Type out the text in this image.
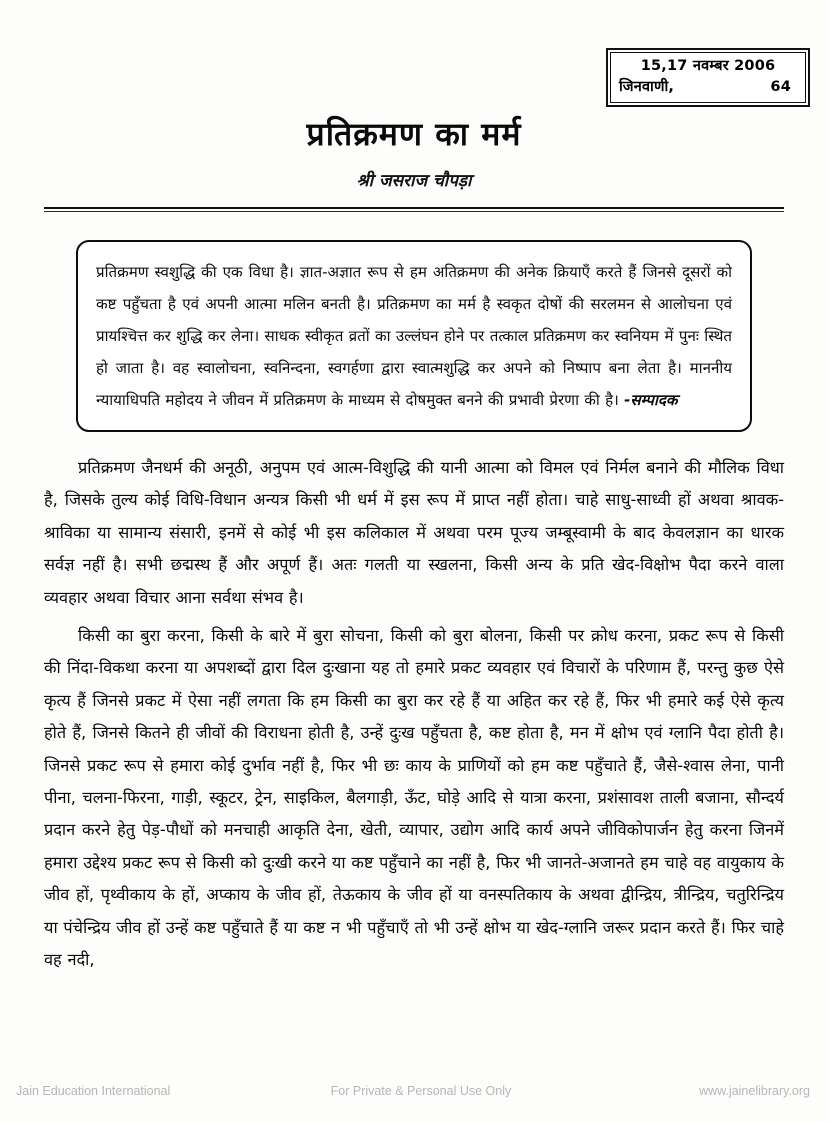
15,17 नवम्बर 2006
जिनवाणी,	64
प्रतिक्रमण का मर्म
श्री जसराज चौपड़ा
प्रतिक्रमण स्वशुद्धि की एक विधा है। ज्ञात-अज्ञात रूप से हम अतिक्रमण की अनेक क्रियाएँ करते हैं जिनसे दूसरों को कष्ट पहुँचता है एवं अपनी आत्मा मलिन बनती है। प्रतिक्रमण का मर्म है स्वकृत दोषों की सरलमन से आलोचना एवं प्रायश्चित्त कर शुद्धि कर लेना। साधक स्वीकृत व्रतों का उल्लंघन होने पर तत्काल प्रतिक्रमण कर स्वनियम में पुनः स्थित हो जाता है। वह स्वालोचना, स्वनिन्दना, स्वगर्हणा द्वारा स्वात्मशुद्धि कर अपने को निष्पाप बना लेता है। माननीय न्यायाधिपति महोदय ने जीवन में प्रतिक्रमण के माध्यम से दोषमुक्त बनने की प्रभावी प्रेरणा की है। -सम्पादक

प्रतिक्रमण जैनधर्म की अनूठी, अनुपम एवं आत्म-विशुद्धि की यानी आत्मा को विमल एवं निर्मल बनाने की मौलिक विधा है, जिसके तुल्य कोई विधि-विधान अन्यत्र किसी भी धर्म में इस रूप में प्राप्त नहीं होता। चाहे साधु-साध्वी हों अथवा श्रावक-श्राविका या सामान्य संसारी, इनमें से कोई भी इस कलिकाल में अथवा परम पूज्य जम्बूस्वामी के बाद केवलज्ञान का धारक सर्वज्ञ नहीं है। सभी छद्मस्थ हैं और अपूर्ण हैं। अतः गलती या स्खलना, किसी अन्य के प्रति खेद-विक्षोभ पैदा करने वाला व्यवहार अथवा विचार आना सर्वथा संभव है।

किसी का बुरा करना, किसी के बारे में बुरा सोचना, किसी को बुरा बोलना, किसी पर क्रोध करना, प्रकट रूप से किसी की निंदा-विकथा करना या अपशब्दों द्वारा दिल दुःखाना यह तो हमारे प्रकट व्यवहार एवं विचारों के परिणाम हैं, परन्तु कुछ ऐसे कृत्य हैं जिनसे प्रकट में ऐसा नहीं लगता कि हम किसी का बुरा कर रहे हैं या अहित कर रहे हैं, फिर भी हमारे कई ऐसे कृत्य होते हैं, जिनसे कितने ही जीवों की विराधना होती है, उन्हें दुःख पहुँचता है, कष्ट होता है, मन में क्षोभ एवं ग्लानि पैदा होती है। जिनसे प्रकट रूप से हमारा कोई दुर्भाव नहीं है, फिर भी छः काय के प्राणियों को हम कष्ट पहुँचाते हैं, जैसे-श्वास लेना, पानी पीना, चलना-फिरना, गाड़ी, स्कूटर, ट्रेन, साइकिल, बैलगाड़ी, ऊँट, घोड़े आदि से यात्रा करना, प्रशंसावश ताली बजाना, सौन्दर्य प्रदान करने हेतु पेड़-पौधों को मनचाही आकृति देना, खेती, व्यापार, उद्योग आदि कार्य अपने जीविकोपार्जन हेतु करना जिनमें हमारा उद्देश्य प्रकट रूप से किसी को दुःखी करने या कष्ट पहुँचाने का नहीं है, फिर भी जानते-अजानते हम चाहे वह वायुकाय के जीव हों, पृथ्वीकाय के हों, अप्काय के जीव हों, तेऊकाय के जीव हों या वनस्पतिकाय के अथवा द्वीन्द्रिय, त्रीन्द्रिय, चतुरिन्द्रिय या पंचेन्द्रिय जीव हों उन्हें कष्ट पहुँचाते हैं या कष्ट न भी पहुँचाएँ तो भी उन्हें क्षोभ या खेद-ग्लानि जरूर प्रदान करते हैं। फिर चाहे वह नदी,

Jain Education International	For Private & Personal Use Only	www.jainelibrary.org
